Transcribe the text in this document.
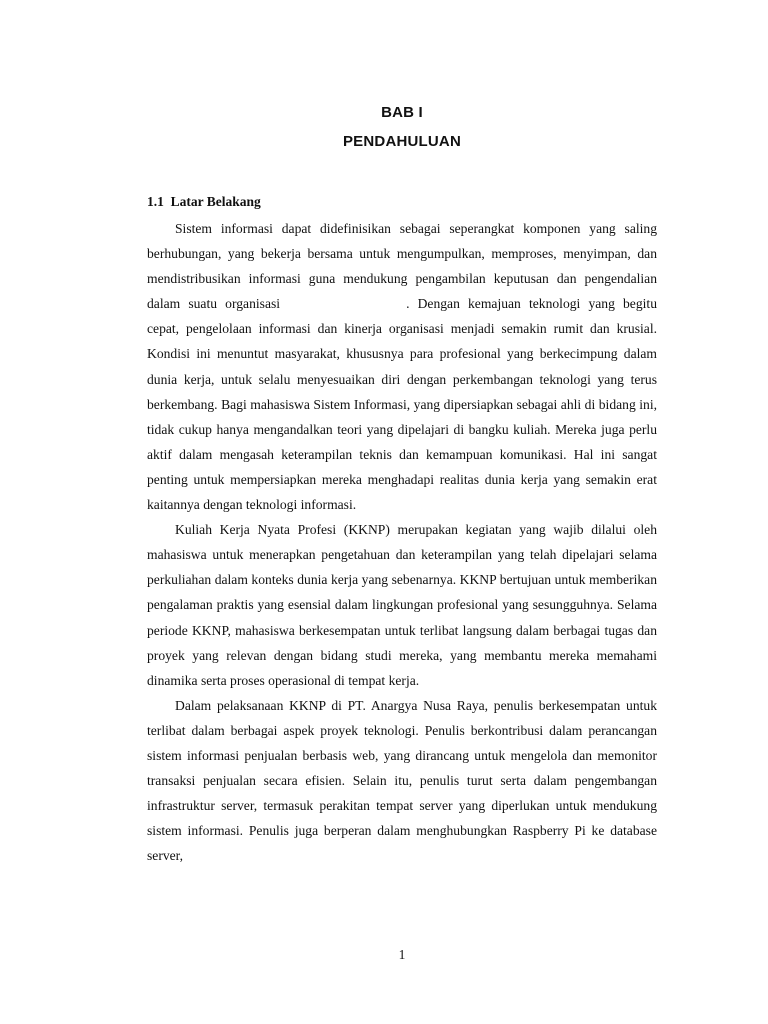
BAB I
PENDAHULUAN
1.1  Latar Belakang

Sistem informasi dapat didefinisikan sebagai seperangkat komponen yang saling berhubungan, yang bekerja bersama untuk mengumpulkan, memproses, menyimpan, dan mendistribusikan informasi guna mendukung pengambilan keputusan dan pengendalian dalam suatu organisasi	. Dengan kemajuan teknologi yang begitu cepat, pengelolaan informasi dan kinerja organisasi menjadi semakin rumit dan krusial. Kondisi ini menuntut masyarakat, khususnya para profesional yang berkecimpung dalam dunia kerja, untuk selalu menyesuaikan diri dengan perkembangan teknologi yang terus berkembang. Bagi mahasiswa Sistem Informasi, yang dipersiapkan sebagai ahli di bidang ini, tidak cukup hanya mengandalkan teori yang dipelajari di bangku kuliah. Mereka juga perlu aktif dalam mengasah keterampilan teknis dan kemampuan komunikasi. Hal ini sangat penting untuk mempersiapkan mereka menghadapi realitas dunia kerja yang semakin erat kaitannya dengan teknologi informasi.

Kuliah Kerja Nyata Profesi (KKNP) merupakan kegiatan yang wajib dilalui oleh mahasiswa untuk menerapkan pengetahuan dan keterampilan yang telah dipelajari selama perkuliahan dalam konteks dunia kerja yang sebenarnya. KKNP bertujuan untuk memberikan pengalaman praktis yang esensial dalam lingkungan profesional yang sesungguhnya. Selama periode KKNP, mahasiswa berkesempatan untuk terlibat langsung dalam berbagai tugas dan proyek yang relevan dengan bidang studi mereka, yang membantu mereka memahami dinamika serta proses operasional di tempat kerja.

Dalam pelaksanaan KKNP di PT. Anargya Nusa Raya, penulis berkesempatan untuk terlibat dalam berbagai aspek proyek teknologi. Penulis berkontribusi dalam perancangan sistem informasi penjualan berbasis web, yang dirancang untuk mengelola dan memonitor transaksi penjualan secara efisien. Selain itu, penulis turut serta dalam pengembangan infrastruktur server, termasuk perakitan tempat server yang diperlukan untuk mendukung sistem informasi. Penulis juga berperan dalam menghubungkan Raspberry Pi ke database server,

1
